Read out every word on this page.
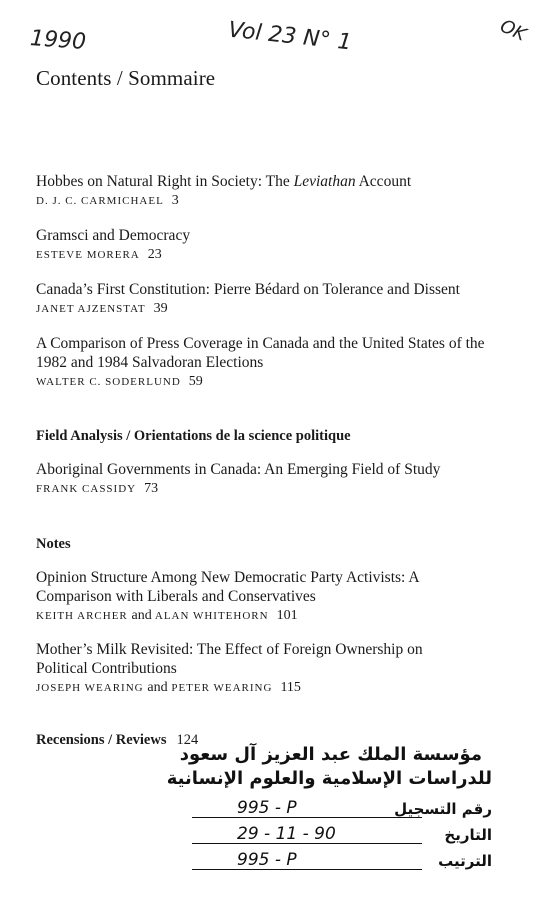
1990	Vol 23 N° 1	OK
Contents / Sommaire
Hobbes on Natural Right in Society: The Leviathan Account
D. J. C. CARMICHAEL 3
Gramsci and Democracy
ESTEVE MORERA 23
Canada’s First Constitution: Pierre Bédard on Tolerance and Dissent
JANET AJZENSTAT 39
A Comparison of Press Coverage in Canada and the United States of the 1982 and 1984 Salvadoran Elections
WALTER C. SODERLUND 59
Field Analysis / Orientations de la science politique
Aboriginal Governments in Canada: An Emerging Field of Study
FRANK CASSIDY 73
Notes
Opinion Structure Among New Democratic Party Activists: A Comparison with Liberals and Conservatives
KEITH ARCHER and ALAN WHITEHORN 101
Mother’s Milk Revisited: The Effect of Foreign Ownership on Political Contributions
JOSEPH WEARING and PETER WEARING 115
Recensions / Reviews 124
مؤسسة الملك عبد العزيز آل سعود
للدراسات الإسلامية والعلوم الإنسانية
رقم التسجيل
995 - P
التاريخ
29 - 11 - 90
الترتيب
995 - P
